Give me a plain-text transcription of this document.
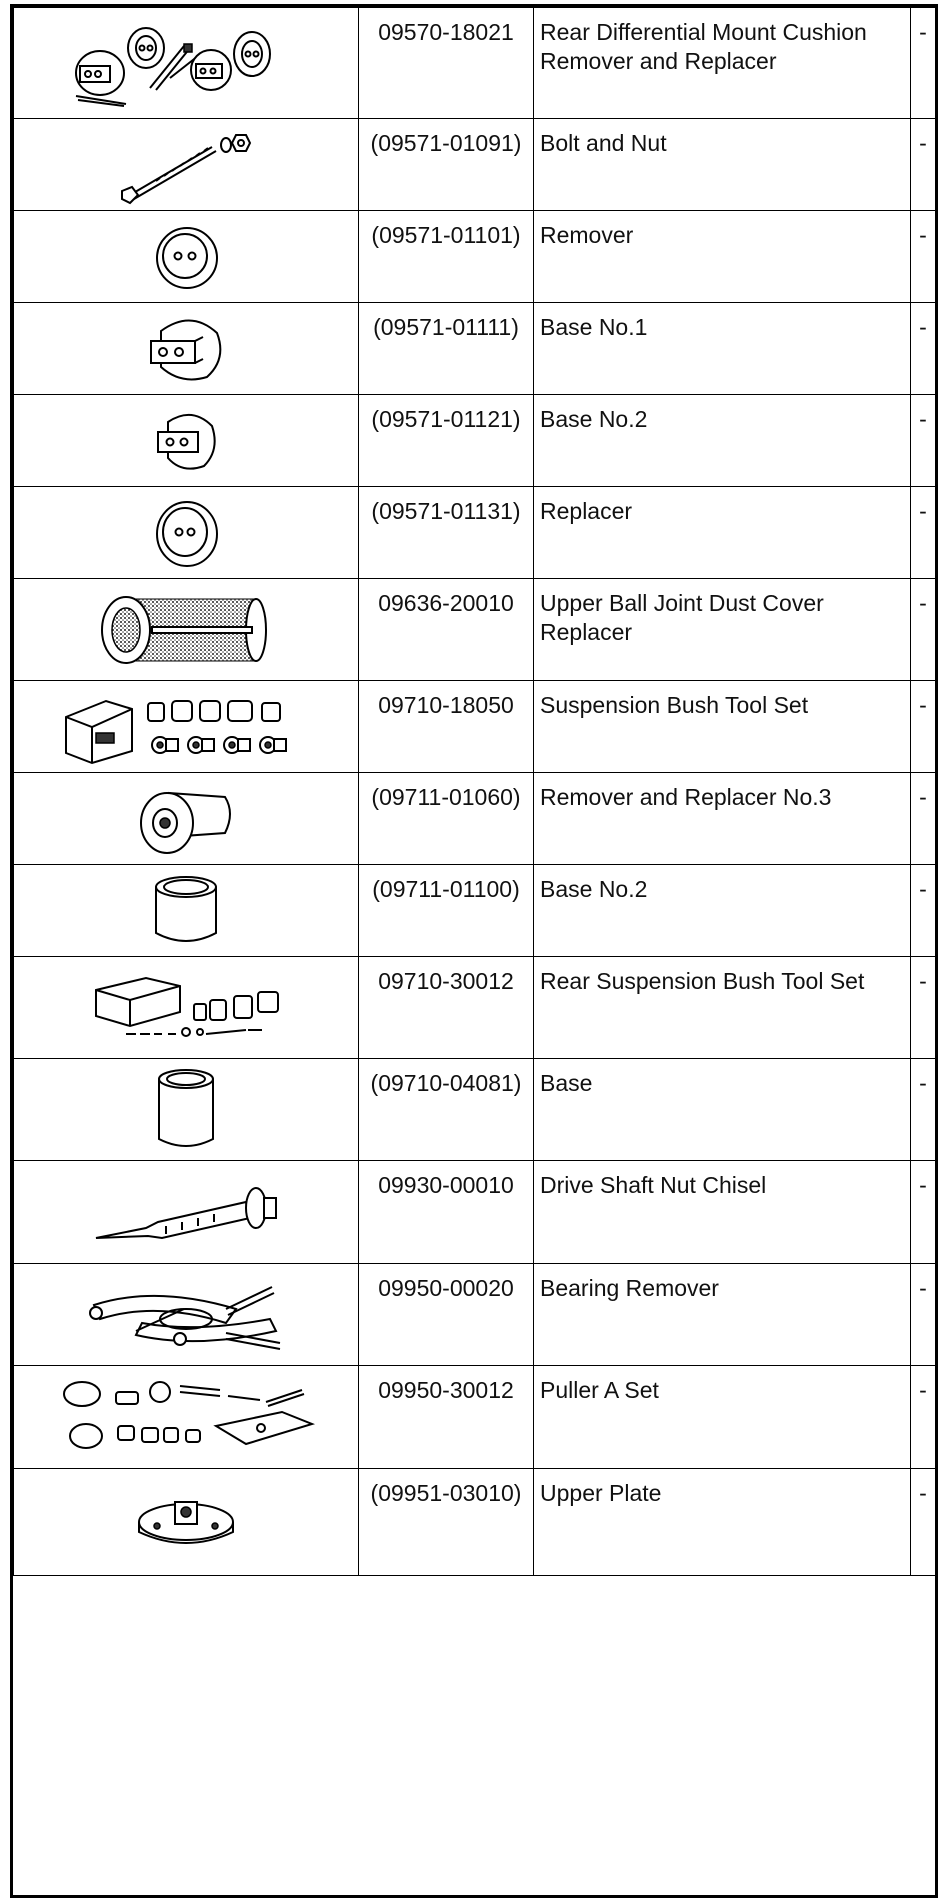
	09570-18021	Rear Differential Mount Cushion Remover and Replacer	-

	(09571-01091)	Bolt and Nut	-

	(09571-01101)	Remover	-

	(09571-01111)	Base No.1	-

	(09571-01121)	Base No.2	-

	(09571-01131)	Replacer	-

	09636-20010	Upper Ball Joint Dust Cover Replacer	-

	09710-18050	Suspension Bush Tool Set	-

	(09711-01060)	Remover and Replacer No.3	-

	(09711-01100)	Base No.2	-

	09710-30012	Rear Suspension Bush Tool Set	-

	(09710-04081)	Base	-

	09930-00010	Drive Shaft Nut Chisel	-

	09950-00020	Bearing Remover	-

	09950-30012	Puller A Set	-

	(09951-03010)	Upper Plate	-
